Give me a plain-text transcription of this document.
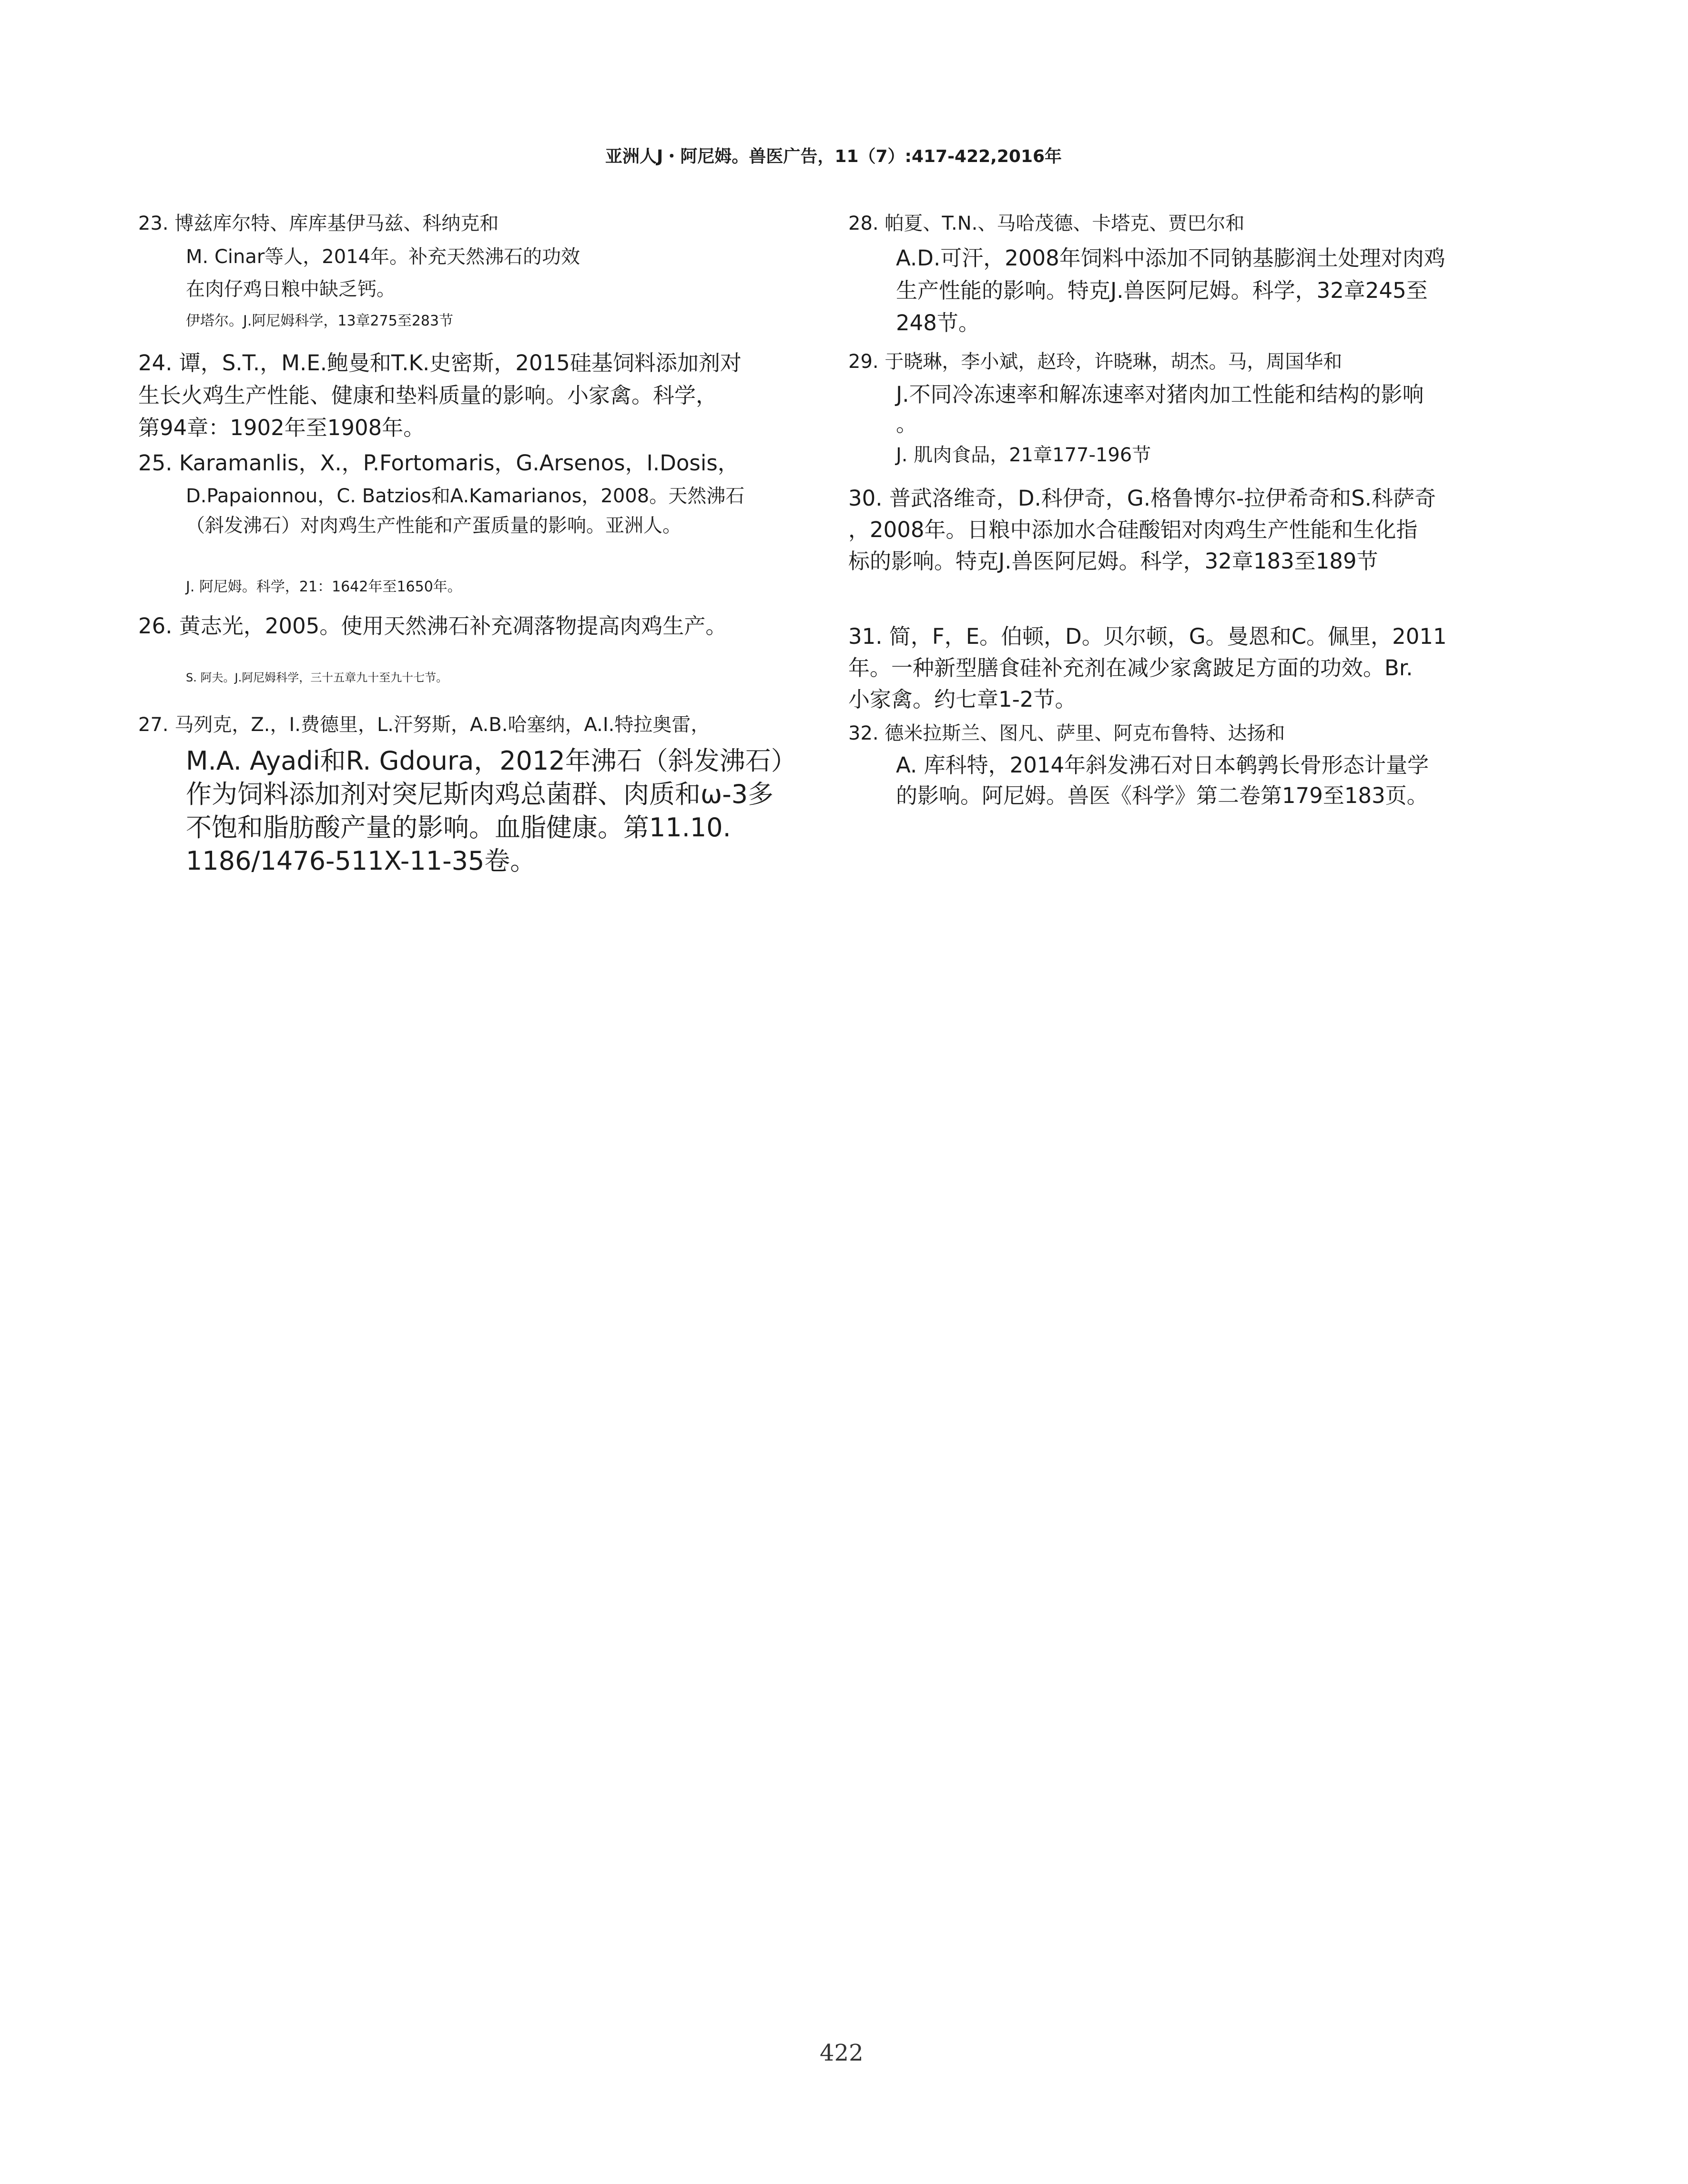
亚洲人J・阿尼姆。兽医广告，11（7）:417-422,2016年
23. 博兹库尔特、库库基伊马兹、科纳克和
M. Cinar等人，2014年。补充天然沸石的功效
在肉仔鸡日粮中缺乏钙。
伊塔尔。J.阿尼姆科学，13章275至283节
24. 谭，S.T.，M.E.鲍曼和T.K.史密斯，2015硅基饲料添加剂对
生长火鸡生产性能、健康和垫料质量的影响。小家禽。科学，
第94章：1902年至1908年。
25. Karamanlis，X.，P.Fortomaris，G.Arsenos，I.Dosis，
D.Papaionnou，C. Batzios和A.Kamarianos，2008。天然沸石
（斜发沸石）对肉鸡生产性能和产蛋质量的影响。亚洲人。
J. 阿尼姆。科学，21：1642年至1650年。
26. 黄志光，2005。使用天然沸石补充凋落物提高肉鸡生产。
S. 阿夫。J.阿尼姆科学，三十五章九十至九十七节。
27. 马列克，Z.，I.费德里，L.汗努斯，A.B.哈塞纳，A.I.特拉奥雷，
M.A. Ayadi和R. Gdoura，2012年沸石（斜发沸石）
作为饲料添加剂对突尼斯肉鸡总菌群、肉质和ω-3多
不饱和脂肪酸产量的影响。血脂健康。第11.10.
1186/1476-511X-11-35卷。
28. 帕夏、T.N.、马哈茂德、卡塔克、贾巴尔和
A.D.可汗，2008年饲料中添加不同钠基膨润土处理对肉鸡
生产性能的影响。特克J.兽医阿尼姆。科学，32章245至
248节。
29. 于晓琳，李小斌，赵玲，许晓琳，胡杰。马，周国华和
J.不同冷冻速率和解冻速率对猪肉加工性能和结构的影响
。
J. 肌肉食品，21章177-196节
30. 普武洛维奇，D.科伊奇，G.格鲁博尔-拉伊希奇和S.科萨奇
，2008年。日粮中添加水合硅酸铝对肉鸡生产性能和生化指
标的影响。特克J.兽医阿尼姆。科学，32章183至189节
31. 简，F，E。伯顿，D。贝尔顿，G。曼恩和C。佩里，2011
年。一种新型膳食硅补充剂在减少家禽跛足方面的功效。Br.
小家禽。约七章1-2节。
32. 德米拉斯兰、图凡、萨里、阿克布鲁特、达扬和
A. 库科特，2014年斜发沸石对日本鹌鹑长骨形态计量学
的影响。阿尼姆。兽医《科学》第二卷第179至183页。
422
